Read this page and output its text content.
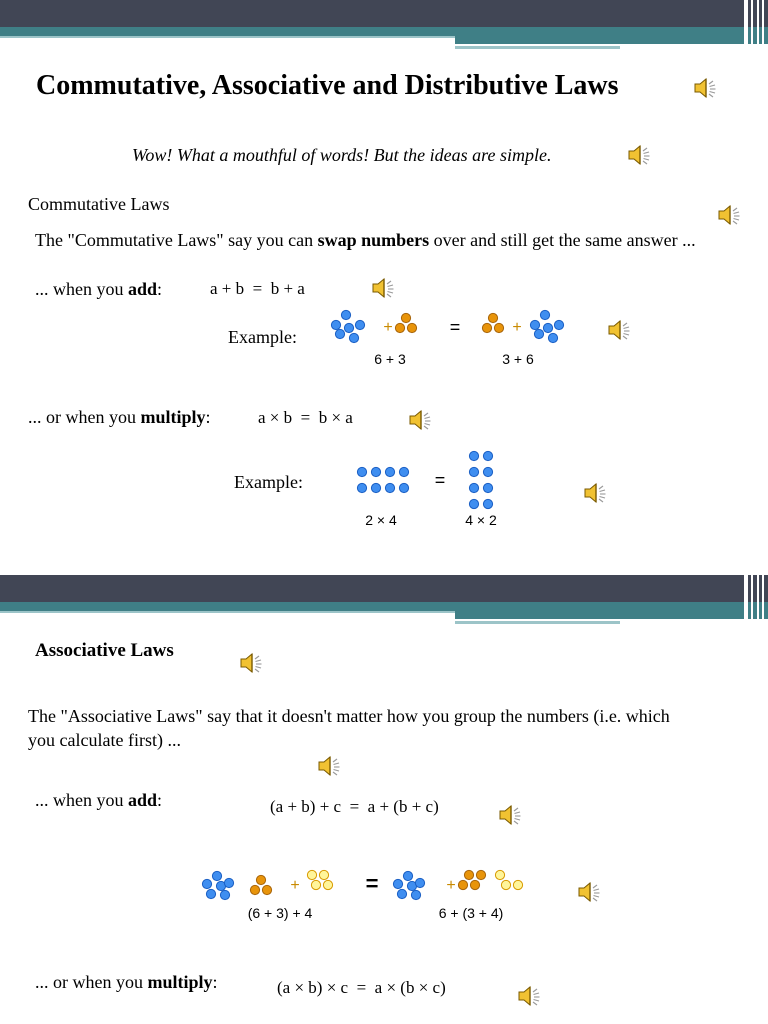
Commutative, Associative and Distributive Laws
Wow! What a mouthful of words! But the ideas are simple.
Commutative Laws
The "Commutative Laws" say you can swap numbers over and still get the same answer ...
... when you add:	a + b  =  b + a
Example:	+	+
=
6 + 3	3 + 6
... or when you multiply:	a × b  =  b × a
Example:	=
2 × 4	4 × 2
Associative Laws
The "Associative Laws" say that it doesn't matter how you group the numbers (i.e. which
you calculate first) ...
... when you add:	(a + b) + c  =  a + (b + c)
+	+
=
(6 + 3) + 4	6 + (3 + 4)
... or when you multiply:	(a × b) × c  =  a × (b × c)
